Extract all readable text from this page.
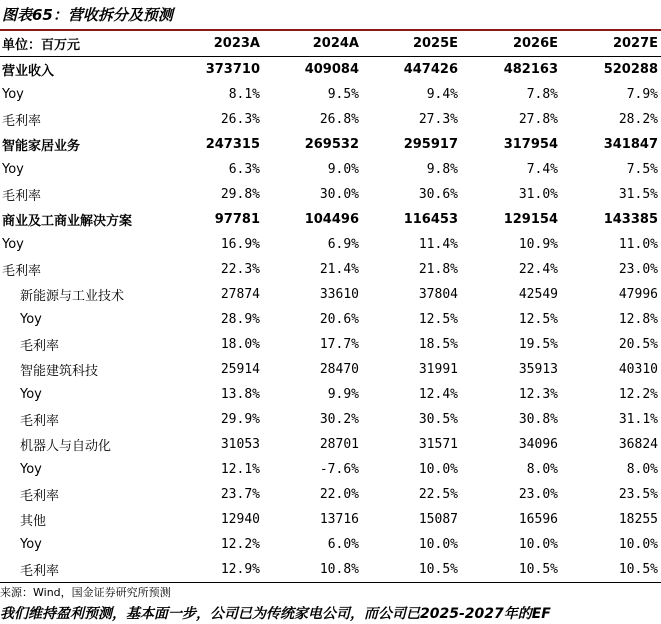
图表65：营收拆分及预测
单位：百万元	2023A	2024A	2025E	2026E	2027E
营业收入	373710	409084	447426	482163	520288
Yoy	8.1%	9.5%	9.4%	7.8%	7.9%
毛利率	26.3%	26.8%	27.3%	27.8%	28.2%
智能家居业务	247315	269532	295917	317954	341847
Yoy	6.3%	9.0%	9.8%	7.4%	7.5%
毛利率	29.8%	30.0%	30.6%	31.0%	31.5%
商业及工商业解决方案	97781	104496	116453	129154	143385
Yoy	16.9%	6.9%	11.4%	10.9%	11.0%
毛利率	22.3%	21.4%	21.8%	22.4%	23.0%
新能源与工业技术	27874	33610	37804	42549	47996
Yoy	28.9%	20.6%	12.5%	12.5%	12.8%
毛利率	18.0%	17.7%	18.5%	19.5%	20.5%
智能建筑科技	25914	28470	31991	35913	40310
Yoy	13.8%	9.9%	12.4%	12.3%	12.2%
毛利率	29.9%	30.2%	30.5%	30.8%	31.1%
机器人与自动化	31053	28701	31571	34096	36824
Yoy	12.1%	-7.6%	10.0%	8.0%	8.0%
毛利率	23.7%	22.0%	22.5%	23.0%	23.5%
其他	12940	13716	15087	16596	18255
Yoy	12.2%	6.0%	10.0%	10.0%	10.0%
毛利率	12.9%	10.8%	10.5%	10.5%	10.5%
来源：Wind，国金证券研究所预测
我们维持盈利预测，基本面一步，公司已为传统家电公司，而公司已2025-2027年的EF
